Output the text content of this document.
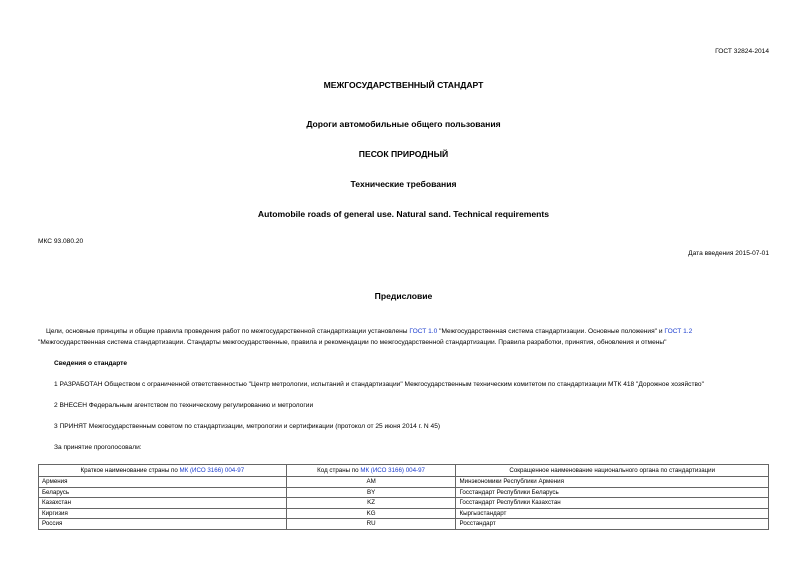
ГОСТ 32824-2014
МЕЖГОСУДАРСТВЕННЫЙ СТАНДАРТ
Дороги автомобильные общего пользования
ПЕСОК ПРИРОДНЫЙ
Технические требования
Automobile roads of general use. Natural sand. Technical requirements
МКС 93.080.20
Дата введения 2015-07-01
Предисловие
Цели, основные принципы и общие правила проведения работ по межгосударственной стандартизации установлены ГОСТ 1.0 "Межгосударственная система стандартизации. Основные положения" и ГОСТ 1.2
"Межгосударственная система стандартизации. Стандарты межгосударственные, правила и рекомендации по межгосударственной стандартизации. Правила разработки, принятия, обновления и отмены"
Сведения о стандарте
1 РАЗРАБОТАН Обществом с ограниченной ответственностью "Центр метрологии, испытаний и стандартизации" Межгосударственным техническим комитетом по стандартизации МТК 418 "Дорожное хозяйство"
2 ВНЕСЕН Федеральным агентством по техническому регулированию и метрологии
3 ПРИНЯТ Межгосударственным советом по стандартизации, метрологии и сертификации (протокол от 25 июня 2014 г. N 45)
За принятие проголосовали:
Краткое наименование страны по МК (ИСО 3166) 004-97	Код страны по МК (ИСО 3166) 004-97	Сокращенное наименование национального органа по стандартизации
Армения	AM	Минэкономики Республики Армения
Беларусь	BY	Госстандарт Республики Беларусь
Казахстан	KZ	Госстандарт Республики Казахстан
Киргизия	KG	Кыргызстандарт
Россия	RU	Росстандарт
